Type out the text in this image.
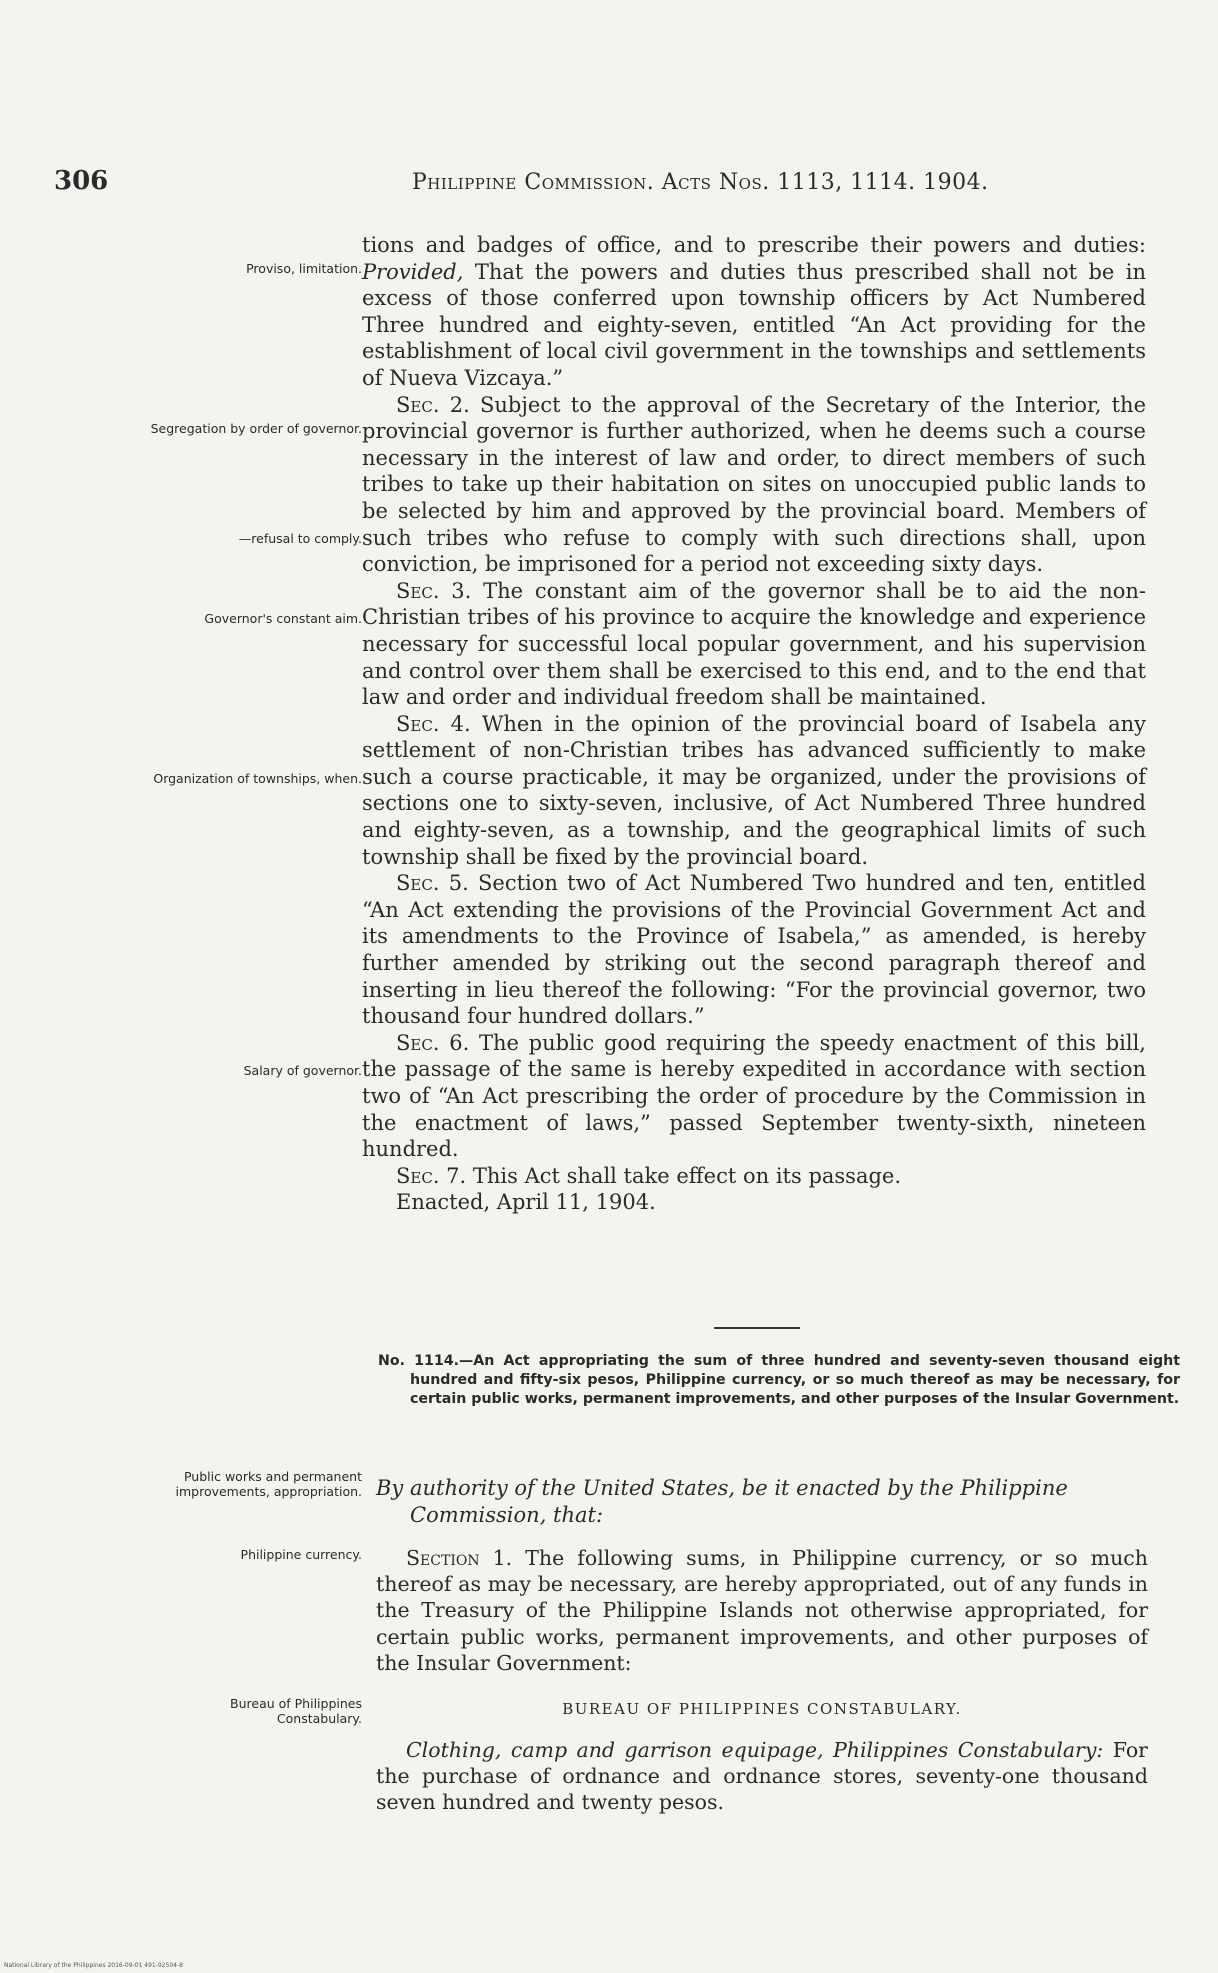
306	Philippine Commission. Acts Nos. 1113, 1114. 1904.
Proviso, limitation.
Segregation by order of governor.
—refusal to comply.
Governor's constant aim.
Organization of townships, when.
Salary of governor.
Public works and permanent improvements, appropriation.
Philippine currency.
Bureau of Philippines Constabulary.

tions and badges of office, and to prescribe their powers and duties: Provided, That the powers and duties thus prescribed shall not be in excess of those conferred upon township officers by Act Numbered Three hundred and eighty-seven, entitled “An Act providing for the establishment of local civil government in the townships and settlements of Nueva Vizcaya.”

Sec. 2. Subject to the approval of the Secretary of the Interior, the provincial governor is further authorized, when he deems such a course necessary in the interest of law and order, to direct members of such tribes to take up their habitation on sites on unoccupied public lands to be selected by him and approved by the provincial board. Members of such tribes who refuse to comply with such directions shall, upon conviction, be imprisoned for a period not exceeding sixty days.

Sec. 3. The constant aim of the governor shall be to aid the non-Christian tribes of his province to acquire the knowledge and experience necessary for successful local popular government, and his supervision and control over them shall be exercised to this end, and to the end that law and order and individual freedom shall be maintained.

Sec. 4. When in the opinion of the provincial board of Isabela any settlement of non-Christian tribes has advanced sufficiently to make such a course practicable, it may be organized, under the provisions of sections one to sixty-seven, inclusive, of Act Numbered Three hundred and eighty-seven, as a township, and the geographical limits of such township shall be fixed by the provincial board.

Sec. 5. Section two of Act Numbered Two hundred and ten, entitled “An Act extending the provisions of the Provincial Government Act and its amendments to the Province of Isabela,” as amended, is hereby further amended by striking out the second paragraph thereof and inserting in lieu thereof the following: “For the provincial governor, two thousand four hundred dollars.”

Sec. 6. The public good requiring the speedy enactment of this bill, the passage of the same is hereby expedited in accordance with section two of “An Act prescribing the order of procedure by the Commission in the enactment of laws,” passed September twenty-sixth, nineteen hundred.

Sec. 7. This Act shall take effect on its passage.

Enacted, April 11, 1904.

No. 1114.—An Act appropriating the sum of three hundred and seventy-seven thousand eight hundred and fifty-six pesos, Philippine currency, or so much thereof as may be necessary, for certain public works, permanent improvements, and other purposes of the Insular Government.
By authority of the United States, be it enacted by the Philippine Commission, that:
Section 1. The following sums, in Philippine currency, or so much thereof as may be necessary, are hereby appropriated, out of any funds in the Treasury of the Philippine Islands not otherwise appropriated, for certain public works, permanent improvements, and other purposes of the Insular Government:
BUREAU OF PHILIPPINES CONSTABULARY.
Clothing, camp and garrison equipage, Philippines Constabulary: For the purchase of ordnance and ordnance stores, seventy-one thousand seven hundred and twenty pesos.
National Library of the Philippines 2016-09-01 491-92504-8
